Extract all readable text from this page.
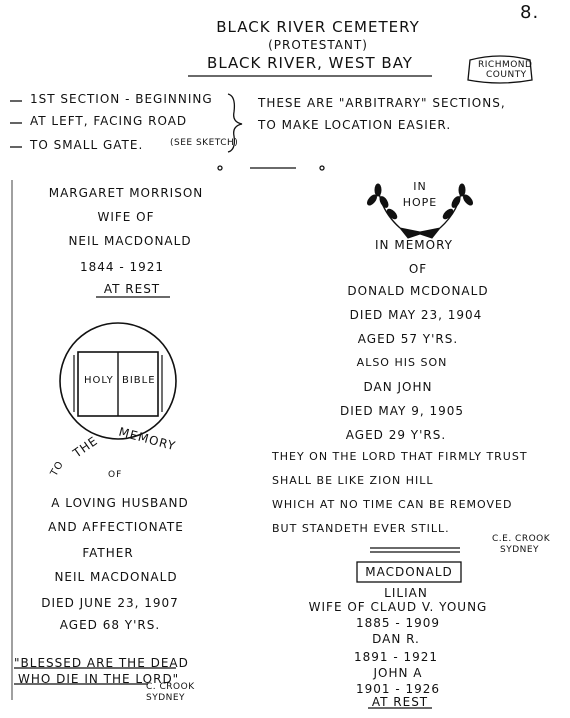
8.
BLACK RIVER CEMETERY
(PROTESTANT)
BLACK RIVER, WEST BAY	RICHMOND
COUNTY
1ST SECTION - BEGINNING
AT LEFT, FACING ROAD
TO SMALL GATE.	(SEE SKETCH)
THESE ARE "ARBITRARY" SECTIONS,
TO MAKE LOCATION EASIER.
MARGARET MORRISON
WIFE OF
NEIL MACDONALD
1844 - 1921
AT REST
HOLY BIBLE
TO
THE MEMORY
OF
A LOVING HUSBAND
AND AFFECTIONATE
FATHER
NEIL MACDONALD
DIED JUNE 23, 1907
AGED 68 Y'RS.
"BLESSED ARE THE DEAD
WHO DIE IN THE LORD"
C. CROOK
SYDNEY
IN
HOPE
IN MEMORY
OF
DONALD MCDONALD
DIED MAY 23, 1904
AGED 57 Y'RS.
ALSO HIS SON
DAN JOHN
DIED MAY 9, 1905
AGED 29 Y'RS.
THEY ON THE LORD THAT FIRMLY TRUST
SHALL BE LIKE ZION HILL
WHICH AT NO TIME CAN BE REMOVED
BUT STANDETH EVER STILL.
C.E. CROOK
SYDNEY
MACDONALD
LILIAN
WIFE OF CLAUD V. YOUNG
1885 - 1909
DAN R.
1891 - 1921
JOHN A
1901 - 1926
AT REST
